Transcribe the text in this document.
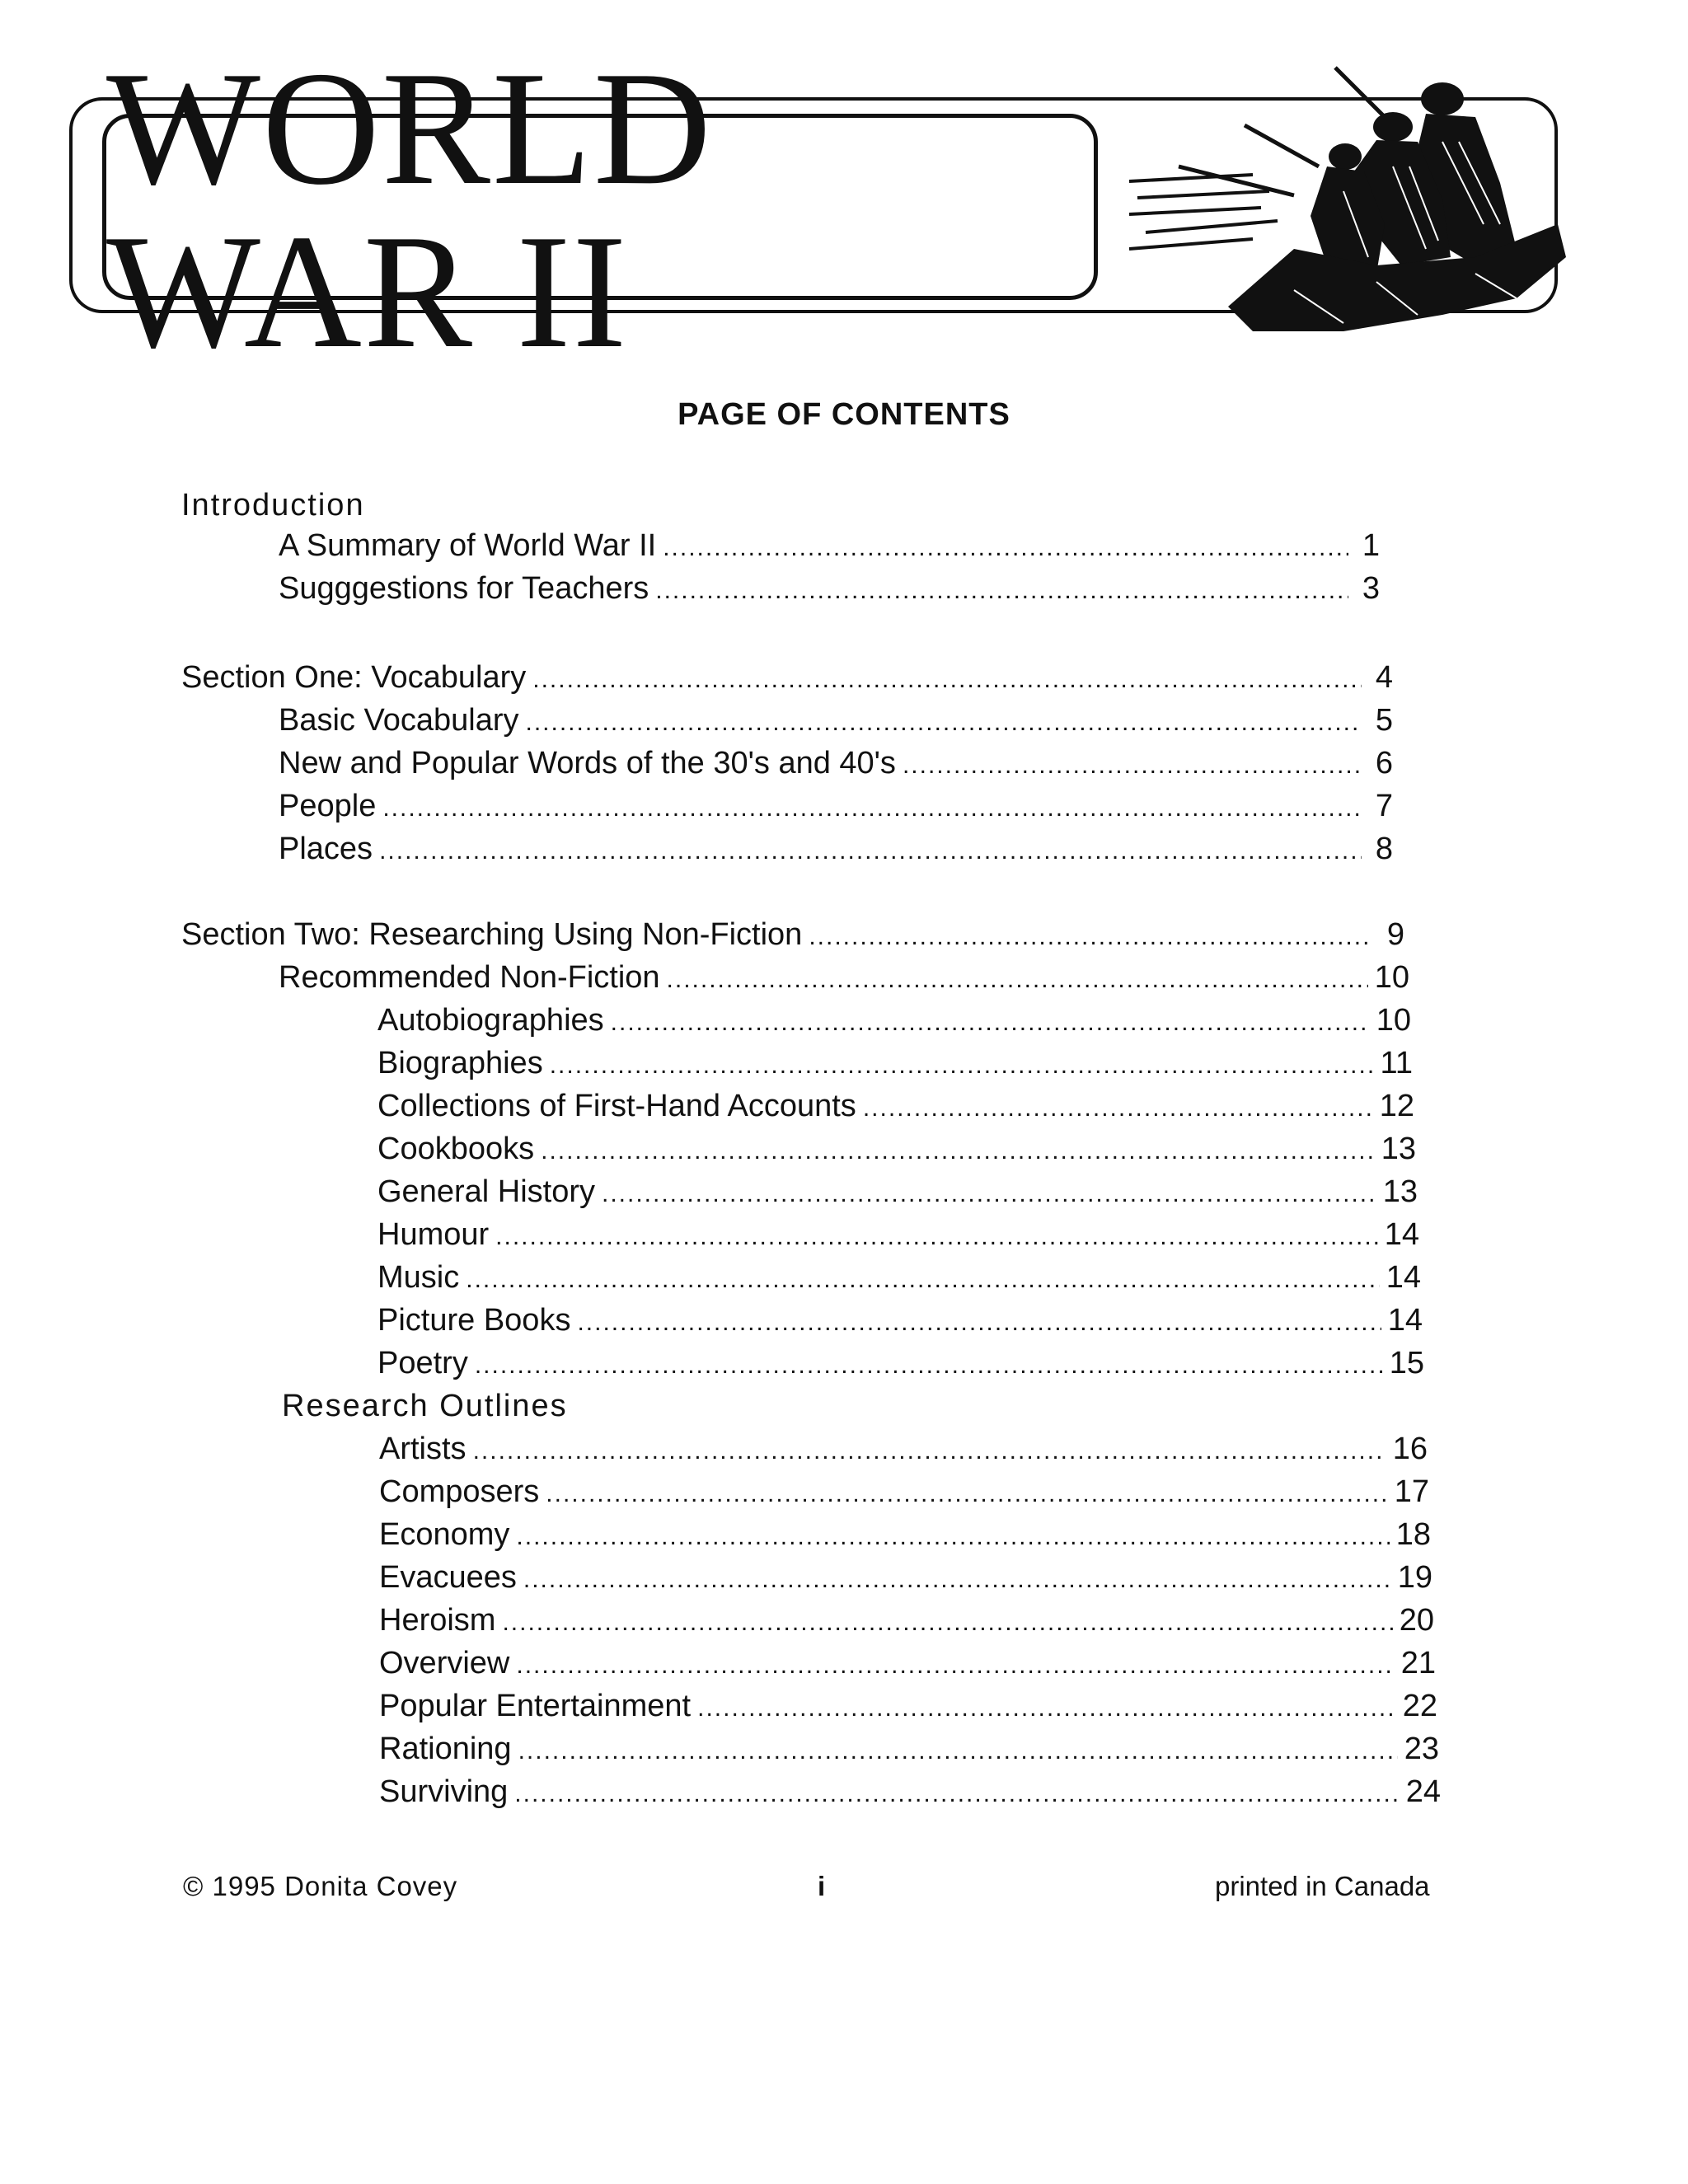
WORLD WAR II
PAGE OF CONTENTS
Introduction
A Summary of World War II .....	1
Sugggestions for Teachers .....	3
Section One: Vocabulary .....	4
Basic Vocabulary .....	5
New and Popular Words of the 30's and 40's .....	6
People .....	7
Places .....	8
Section Two: Researching Using Non-Fiction .....	9
Recommended Non-Fiction .....	10
Autobiographies .....	10
Biographies .....	11
Collections of First-Hand Accounts .....	12
Cookbooks .....	13
General History .....	13
Humour .....	14
Music .....	14
Picture Books .....	14
Poetry .....	15
Research Outlines
Artists .....	16
Composers .....	17
Economy .....	18
Evacuees .....	19
Heroism .....	20
Overview .....	21
Popular Entertainment .....	22
Rationing .....	23
Surviving .....	24
© 1995 Donita Covey	i	printed in Canada
